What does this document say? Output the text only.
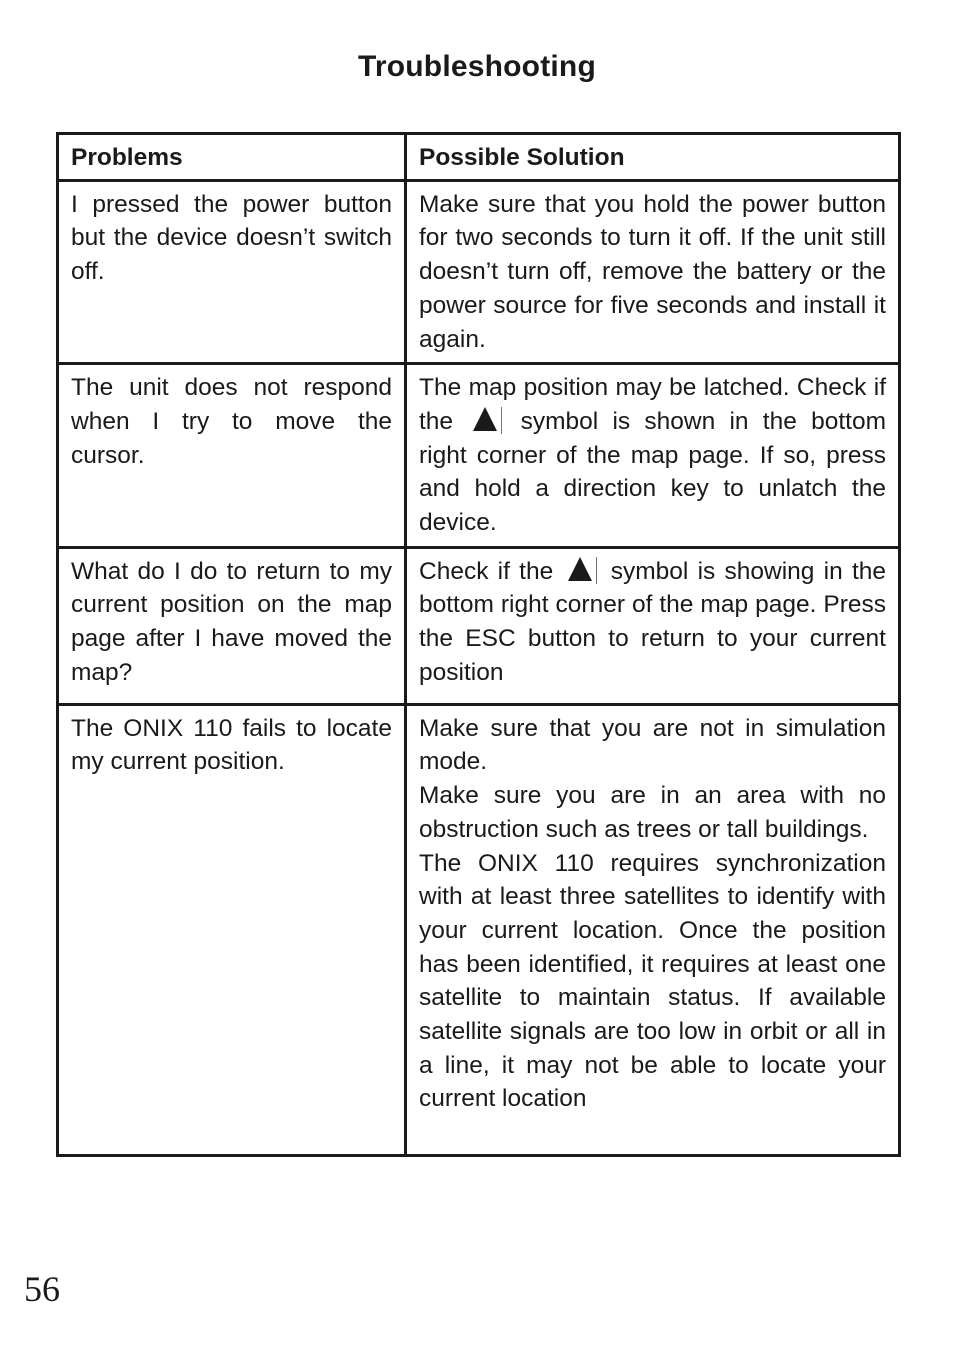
Troubleshooting
Problems	Possible Solution
I pressed the power button but the device doesn’t switch off.	Make sure that you hold the power button for two seconds to turn it off. If the unit still doesn’t turn off, remove the battery or the power source for five seconds and install it again.

The unit does not respond when I try to move the cursor.	The map position may be latched. Check if the symbol is shown in the bottom right corner of the map page. If so, press and hold a direction key to unlatch the device.
What do I do to return to my current position on the map page after I have moved the map?	Check if the symbol is showing in the bottom right corner of the map page. Press the ESC button to return to your current position
The ONIX 110 fails to locate my current position.	Make sure that you are not in simulation mode.
Make sure you are in an area with no obstruction such as trees or tall buildings.
The ONIX 110 requires synchronization with at least three satellites to identify with your current location. Once the position has been identified, it requires at least one satellite to maintain status. If available satellite signals are too low in orbit or all in a line, it may not be able to locate your current location
56
